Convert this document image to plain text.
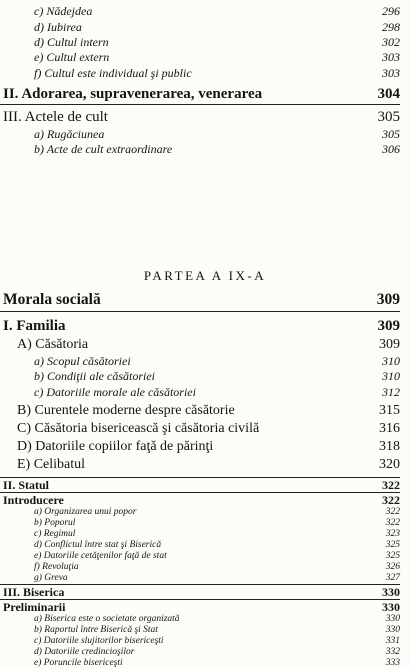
c) Nădejdea	296
d) Iubirea	298
d) Cultul intern	302
e) Cultul extern	303
f) Cultul este individual şi public	303
II. Adorarea, supravenerarea, venerarea	304
III. Actele de cult	305
a) Rugăciunea	305
b) Acte de cult extraordinare	306
PARTEA A IX-A
Morala socială	309
I. Familia	309
A) Căsătoria	309
a) Scopul căsătoriei	310
b) Condiţii ale căsătoriei	310
c) Datoriile morale ale căsătoriei	312
B) Curentele moderne despre căsătorie	315
C) Căsătoria bisericească şi căsătoria civilă	316
D) Datoriile copiilor faţă de părinţi	318
E) Celibatul	320
II. Statul	322
Introducere	322
a) Organizarea unui popor	322
b) Poporul	322
c) Regimul	323
d) Conflictul între stat şi Biserică	325
e) Datoriile cetăţenilor faţă de stat	325
f) Revoluţia	326
g) Greva	327
III. Biserica	330
Preliminarii	330
a) Biserica este o societate organizată	330
b) Raportul între Biserică şi Stat	330
c) Datoriile slujitorilor bisericeşti	331
d) Datoriile credincioşilor	332
e) Poruncile bisericeşti	333
